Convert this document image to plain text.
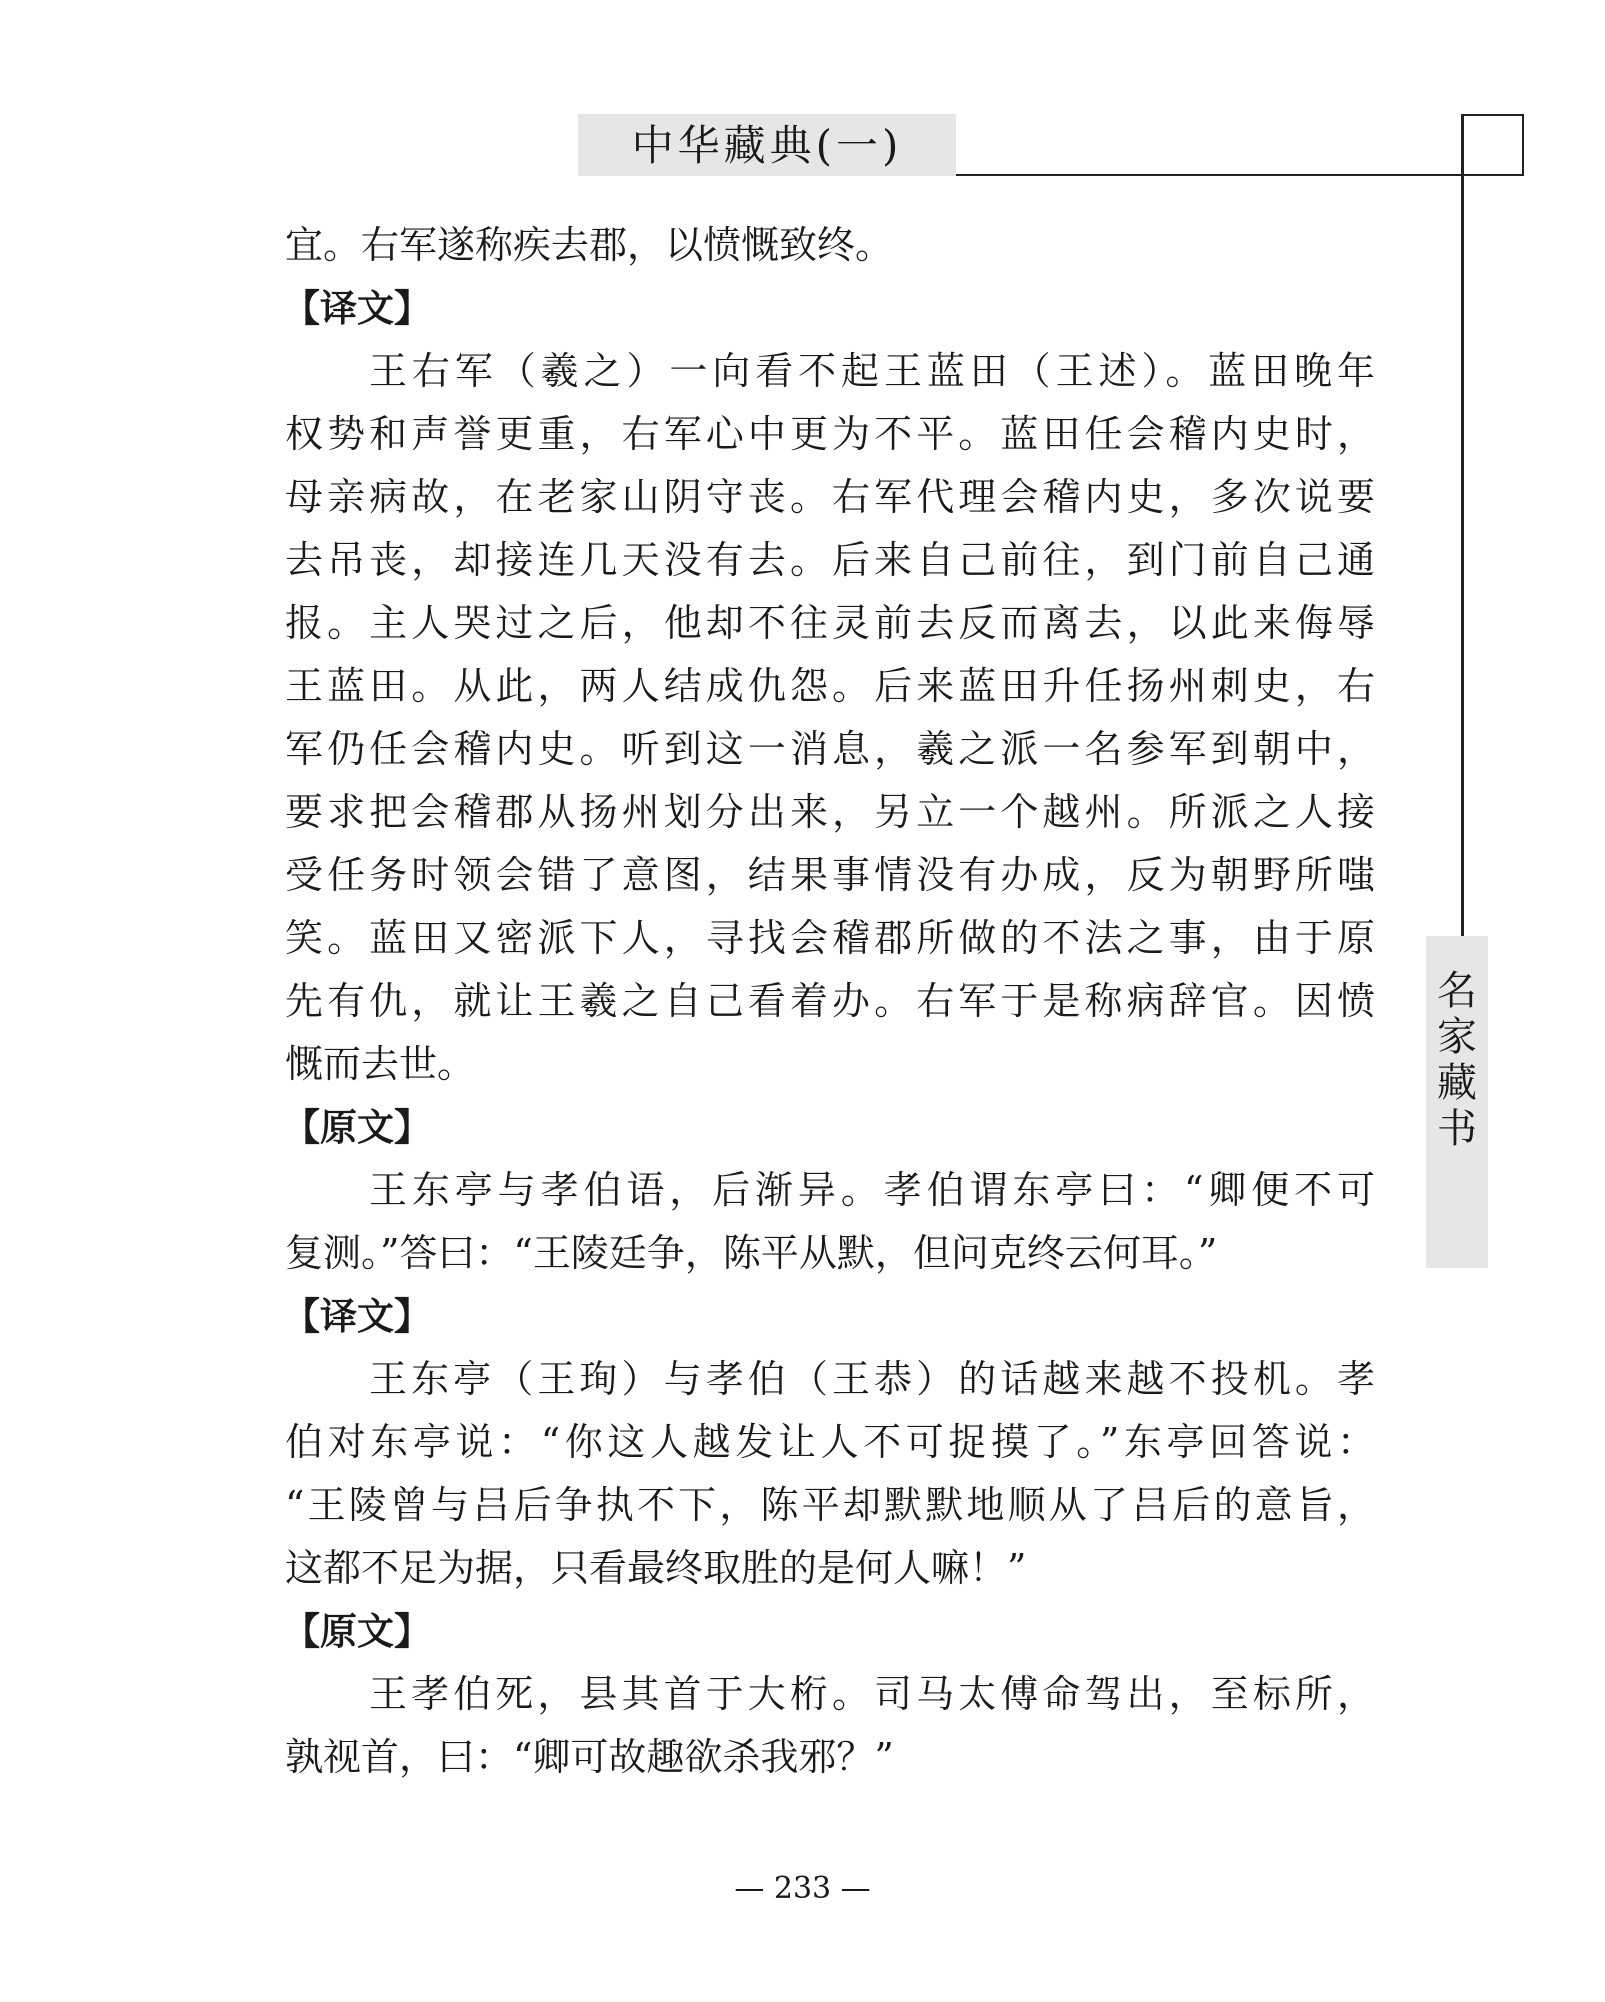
中华藏典(一)
名
家
藏
书
宜。右军遂称疾去郡，以愤慨致终。
【译文】
王右军（羲之）一向看不起王蓝田（王述）。蓝田晚年
权势和声誉更重，右军心中更为不平。蓝田任会稽内史时，
母亲病故，在老家山阴守丧。右军代理会稽内史，多次说要
去吊丧，却接连几天没有去。后来自己前往，到门前自己通
报。主人哭过之后，他却不往灵前去反而离去，以此来侮辱
王蓝田。从此，两人结成仇怨。后来蓝田升任扬州刺史，右
军仍任会稽内史。听到这一消息，羲之派一名参军到朝中，
要求把会稽郡从扬州划分出来，另立一个越州。所派之人接
受任务时领会错了意图，结果事情没有办成，反为朝野所嗤
笑。蓝田又密派下人，寻找会稽郡所做的不法之事，由于原
先有仇，就让王羲之自己看着办。右军于是称病辞官。因愤
慨而去世。
【原文】
王东亭与孝伯语，后渐异。孝伯谓东亭曰：“卿便不可
复测。”答曰：“王陵廷争，陈平从默，但问克终云何耳。”
【译文】
王东亭（王珣）与孝伯（王恭）的话越来越不投机。孝
伯对东亭说：“你这人越发让人不可捉摸了。”东亭回答说：
“王陵曾与吕后争执不下，陈平却默默地顺从了吕后的意旨，
这都不足为据，只看最终取胜的是何人嘛！”
【原文】
王孝伯死，县其首于大桁。司马太傅命驾出，至标所，
孰视首，曰：“卿可故趣欲杀我邪？”
— 233 —
